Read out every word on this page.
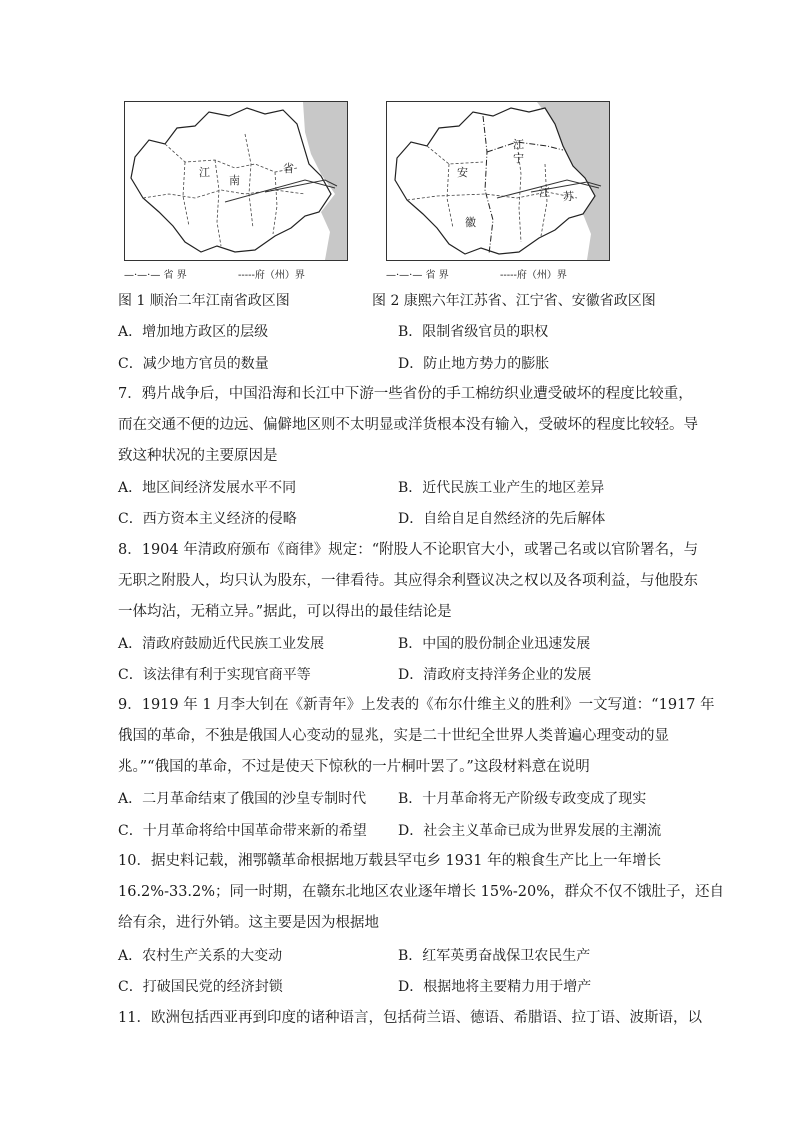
江
南
省
—·—·— 省 界	-----府（州）界
江
宁
安
江 苏
徽
—·—·— 省 界	-----府（州）界
图 1 顺治二年江南省政区图	图 2 康熙六年江苏省、江宁省、安徽省政区图
A．增加地方政区的层级	B．限制省级官员的职权
C．减少地方官员的数量	D．防止地方势力的膨胀
7．鸦片战争后，中国沿海和长江中下游一些省份的手工棉纺织业遭受破坏的程度比较重，
而在交通不便的边远、偏僻地区则不太明显或洋货根本没有输入，受破坏的程度比较轻。导
致这种状况的主要原因是
A．地区间经济发展水平不同	B．近代民族工业产生的地区差异
C．西方资本主义经济的侵略	D．自给自足自然经济的先后解体
8．1904 年清政府颁布《商律》规定：“附股人不论职官大小，或署己名或以官阶署名，与
无职之附股人，均只认为股东，一律看待。其应得余利暨议决之权以及各项利益，与他股东
一体均沾，无稍立异。”据此，可以得出的最佳结论是
A．清政府鼓励近代民族工业发展	B．中国的股份制企业迅速发展
C．该法律有利于实现官商平等	D．清政府支持洋务企业的发展
9．1919 年 1 月李大钊在《新青年》上发表的《布尔什维主义的胜利》一文写道：“1917 年
俄国的革命，不独是俄国人心变动的显兆，实是二十世纪全世界人类普遍心理变动的显
兆。”“俄国的革命，不过是使天下惊秋的一片桐叶罢了。”这段材料意在说明
A．二月革命结束了俄国的沙皇专制时代 B．十月革命将无产阶级专政变成了现实
C．十月革命将给中国革命带来新的希望 D．社会主义革命已成为世界发展的主潮流
10．据史料记载，湘鄂赣革命根据地万载县罕屯乡 1931 年的粮食生产比上一年增长
16.2%-33.2%；同一时期，在赣东北地区农业逐年增长 15%-20%，群众不仅不饿肚子，还自
给有余，进行外销。这主要是因为根据地
A．农村生产关系的大变动	B．红军英勇奋战保卫农民生产
C．打破国民党的经济封锁	D．根据地将主要精力用于增产
11．欧洲包括西亚再到印度的诸种语言，包括荷兰语、德语、希腊语、拉丁语、波斯语，以
